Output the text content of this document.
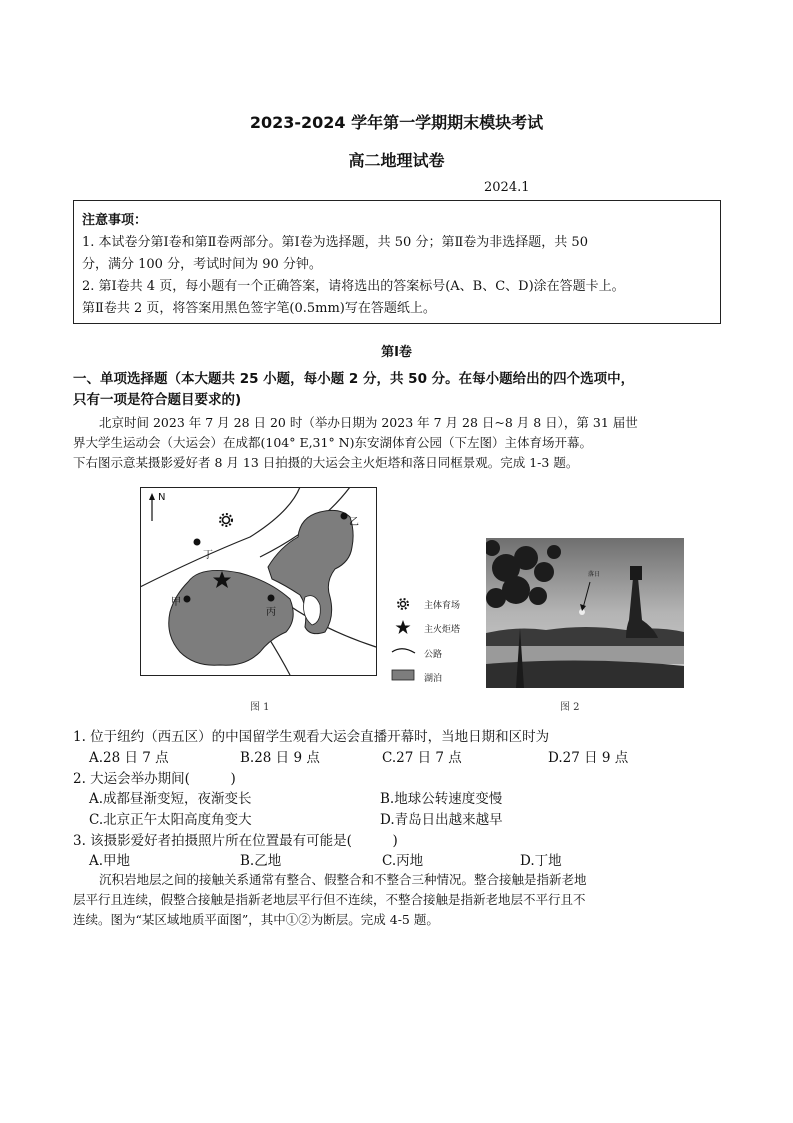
2023-2024 学年第一学期期末模块考试
高二地理试卷
2024.1

注意事项：

1. 本试卷分第Ⅰ卷和第Ⅱ卷两部分。第Ⅰ卷为选择题，共 50 分；第Ⅱ卷为非选择题，共 50

分，满分 100 分，考试时间为 90 分钟。

2. 第Ⅰ卷共 4 页，每小题有一个正确答案，请将选出的答案标号(A、B、C、D)涂在答题卡上。

第Ⅱ卷共 2 页，将答案用黑色签字笔(0.5mm)写在答题纸上。

第Ⅰ卷
一、单项选择题（本大题共 25 小题，每小题 2 分，共 50 分。在每小题给出的四个选项中，
只有一项是符合题目要求的)
北京时间 2023 年 7 月 28 日 20 时（举办日期为 2023 年 7 月 28 日~8 月 8 日），第 31 届世
界大学生运动会（大运会）在成都(104° E,31° N)东安湖体育公园（下左图）主体育场开幕。
下右图示意某摄影爱好者 8 月 13 日拍摄的大运会主火炬塔和落日同框景观。完成 1-3 题。
N
丁
甲
丙
乙
主体育场
主火炬塔
公路
湖泊
图 1
落日
图 2
1. 位于纽约（西五区）的中国留学生观看大运会直播开幕时，当地日期和区时为
A.28 日 7 点	B.28 日 9 点	C.27 日 7 点	D.27 日 9 点
2. 大运会举办期间(　　　)
A.成都昼渐变短，夜渐变长	B.地球公转速度变慢
C.北京正午太阳高度角变大	D.青岛日出越来越早
3. 该摄影爱好者拍摄照片所在位置最有可能是(　　　)
A.甲地	B.乙地	C.丙地	D.丁地
沉积岩地层之间的接触关系通常有整合、假整合和不整合三种情况。整合接触是指新老地
层平行且连续，假整合接触是指新老地层平行但不连续，不整合接触是指新老地层不平行且不
连续。图为“某区域地质平面图”，其中①②为断层。完成 4-5 题。
